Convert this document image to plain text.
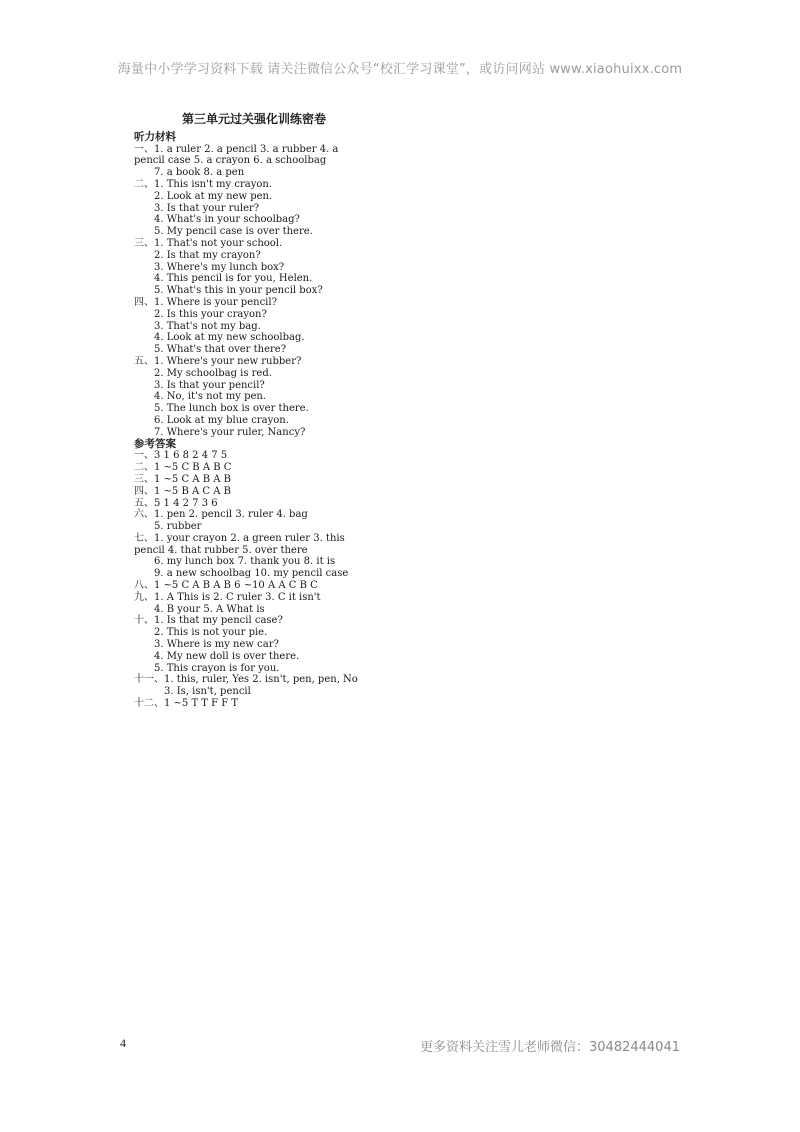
海量中小学学习资料下载 请关注微信公众号“校汇学习课堂”，或访问网站 www.xiaohuixx.com
第三单元过关强化训练密卷
听力材料
一、 1. a ruler 2. a pencil 3. a rubber 4. a
pencil case 5. a crayon 6. a schoolbag
7. a book 8. a pen
二、 1. This isn't my crayon.
2. Look at my new pen.
3. Is that your ruler?
4. What's in your schoolbag?
5. My pencil case is over there.
三、 1. That's not your school.
2. Is that my crayon?
3. Where's my lunch box?
4. This pencil is for you, Helen.
5. What's this in your pencil box?
四、 1. Where is your pencil?
2. Is this your crayon?
3. That's not my bag.
4. Look at my new schoolbag.
5. What's that over there?
五、 1. Where's your new rubber?
2. My schoolbag is red.
3. Is that your pencil?
4. No, it's not my pen.
5. The lunch box is over there.
6. Look at my blue crayon.
7. Where's your ruler, Nancy?
参考答案
一、 3 1 6 8 2 4 7 5
二、 1 ~5 C B A B C
三、 1 ~5 C A B A B
四、 1 ~5 B A C A B
五、 5 1 4 2 7 3 6
六、 1. pen 2. pencil 3. ruler 4. bag
5. rubber
七、 1. your crayon 2. a green ruler 3. this
pencil 4. that rubber 5. over there
6. my lunch box 7. thank you 8. it is
9. a new schoolbag 10. my pencil case
八、 1 ~5 C A B A B 6 ~10 A A C B C
九、 1. A This is 2. C ruler 3. C it isn't
4. B your 5. A What is
十、 1. Is that my pencil case?
2. This is not your pie.
3. Where is my new car?
4. My new doll is over there.
5. This crayon is for you.
十一、 1. this, ruler, Yes 2. isn't, pen, pen, No
3. Is, isn't, pencil
十二、 1 ~5 T T F F T
4	更多资料关注雪儿老师微信：30482444041
